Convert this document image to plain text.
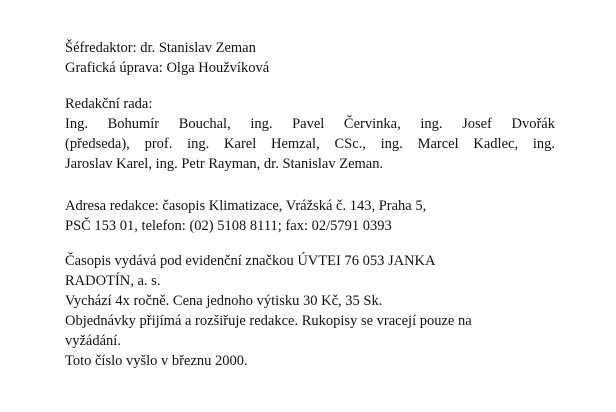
Šéfredaktor: dr. Stanislav Zeman
Grafická úprava: Olga Houžvíková
Redakční rada:
Ing. Bohumír Bouchal, ing. Pavel Červinka, ing. Josef Dvořák
(předseda), prof. ing. Karel Hemzal, CSc., ing. Marcel Kadlec, ing.
Jaroslav Karel, ing. Petr Rayman, dr. Stanislav Zeman.
Adresa redakce: časopis Klimatizace, Vrážská č. 143, Praha 5,
PSČ 153 01, telefon: (02) 5108 8111; fax: 02/5791 0393
Časopis vydává pod evidenční značkou ÚVTEI 76 053 JANKA
RADOTÍN, a. s.
Vychází 4x ročně. Cena jednoho výtisku 30 Kč, 35 Sk.
Objednávky přijímá a rozšiřuje redakce. Rukopisy se vracejí pouze na
vyžádání.
Toto číslo vyšlo v březnu 2000.
